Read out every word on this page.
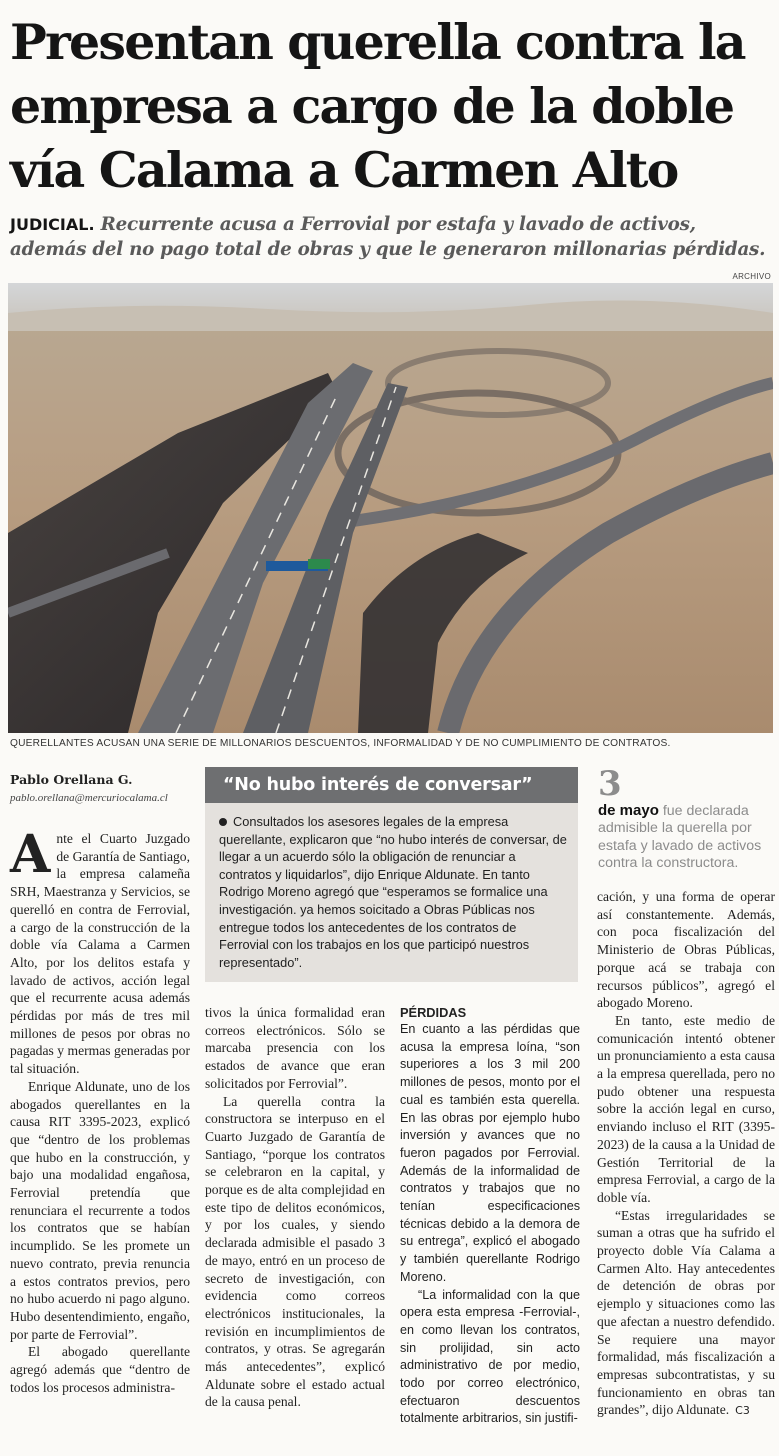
Presentan querella contra la
empresa a cargo de la doble
vía Calama a Carmen Alto
JUDICIAL. Recurrente acusa a Ferrovial por estafa y lavado de activos, además del no pago total de obras y que le generaron millonarias pérdidas.
ARCHIVO
QUERELLANTES ACUSAN UNA SERIE DE MILLONARIOS DESCUENTOS, INFORMALIDAD Y DE NO CUMPLIMIENTO DE CONTRATOS.
Pablo Orellana G.
pablo.orellana@mercuriocalama.cl

Ante el Cuarto Juzgado de Garantía de Santiago, la empresa calameña SRH, Maestranza y Servicios, se querelló en contra de Ferrovial, a cargo de la construcción de la doble vía Calama a Carmen Alto, por los delitos estafa y lavado de activos, acción legal que el recurrente acusa además pérdidas por más de tres mil millones de pesos por obras no pagadas y mermas generadas por tal situación.

Enrique Aldunate, uno de los abogados querellantes en la causa RIT 3395-2023, explicó que “dentro de los problemas que hubo en la construcción, y bajo una modalidad engañosa, Ferrovial pretendía que renunciara el recurrente a todos los contratos que se habían incumplido. Se les promete un nuevo contrato, previa renuncia a estos contratos previos, pero no hubo acuerdo ni pago alguno. Hubo desentendimiento, engaño, por parte de Ferrovial”.

El abogado querellante agregó además que “dentro de todos los procesos administra-

“No hubo interés de conversar”
Consultados los asesores legales de la empresa querellante, explicaron que “no hubo interés de conversar, de llegar a un acuerdo sólo la obligación de renunciar a contratos y liquidarlos”, dijo Enrique Aldunate. En tanto Rodrigo Moreno agregó que “esperamos se formalice una investigación. ya hemos soicitado a Obras Públicas nos entregue todos los antecedentes de los contratos de Ferrovial con los trabajos en los que participó nuestros representado”.
3
de mayo fue declarada admisible la querella por estafa y lavado de activos contra la constructora.

tivos la única formalidad eran correos electrónicos. Sólo se marcaba presencia con los estados de avance que eran solicitados por Ferrovial”.

La querella contra la constructora se interpuso en el Cuarto Juzgado de Garantía de Santiago, “porque los contratos se celebraron en la capital, y porque es de alta complejidad en este tipo de delitos económicos, y por los cuales, y siendo declarada admisible el pasado 3 de mayo, entró en un proceso de secreto de investigación, con evidencia como correos electrónicos institucionales, la revisión en incumplimientos de contratos, y otras. Se agregarán más antecedentes”, explicó Aldunate sobre el estado actual de la causa penal.

PÉRDIDAS

En cuanto a las pérdidas que acusa la empresa loína, “son superiores a los 3 mil 200 millones de pesos, monto por el cual es también esta querella. En las obras por ejemplo hubo inversión y avances que no fueron pagados por Ferrovial. Además de la informalidad de contratos y trabajos que no tenían especificaciones técnicas debido a la demora de su entrega”, explicó el abogado y también querellante Rodrigo Moreno.

“La informalidad con la que opera esta empresa -Ferrovial-, en como llevan los contratos, sin prolijidad, sin acto administrativo de por medio, todo por correo electrónico, efectuaron descuentos totalmente arbitrarios, sin justifi-

cación, y una forma de operar así constantemente. Además, con poca fiscalización del Ministerio de Obras Públicas, porque acá se trabaja con recursos públicos”, agregó el abogado Moreno.

En tanto, este medio de comunicación intentó obtener un pronunciamiento a esta causa a la empresa querellada, pero no pudo obtener una respuesta sobre la acción legal en curso, enviando incluso el RIT (3395-2023) de la causa a la Unidad de Gestión Territorial de la empresa Ferrovial, a cargo de la doble vía.

“Estas irregularidades se suman a otras que ha sufrido el proyecto doble Vía Calama a Carmen Alto. Hay antecedentes de detención de obras por ejemplo y situaciones como las que afectan a nuestro defendido. Se requiere una mayor formalidad, más fiscalización a empresas subcontratistas, y su funcionamiento en obras tan grandes”, dijo Aldunate. C3
